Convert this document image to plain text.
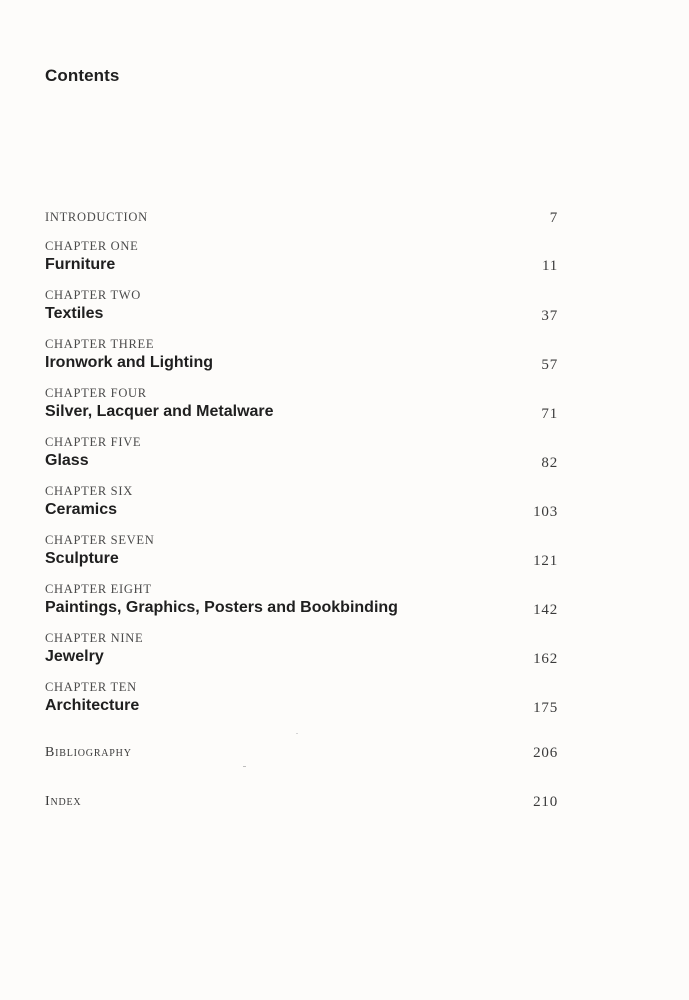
Contents
INTRODUCTION	7
CHAPTER ONE
Furniture	11
CHAPTER TWO
Textiles	37
CHAPTER THREE
Ironwork and Lighting	57
CHAPTER FOUR
Silver, Lacquer and Metalware	71
CHAPTER FIVE
Glass	82
CHAPTER SIX
Ceramics	103
CHAPTER SEVEN
Sculpture	121
CHAPTER EIGHT
Paintings, Graphics, Posters and Bookbinding	142
CHAPTER NINE
Jewelry	162
CHAPTER TEN
Architecture	175
Bibliography	206
Index	210
